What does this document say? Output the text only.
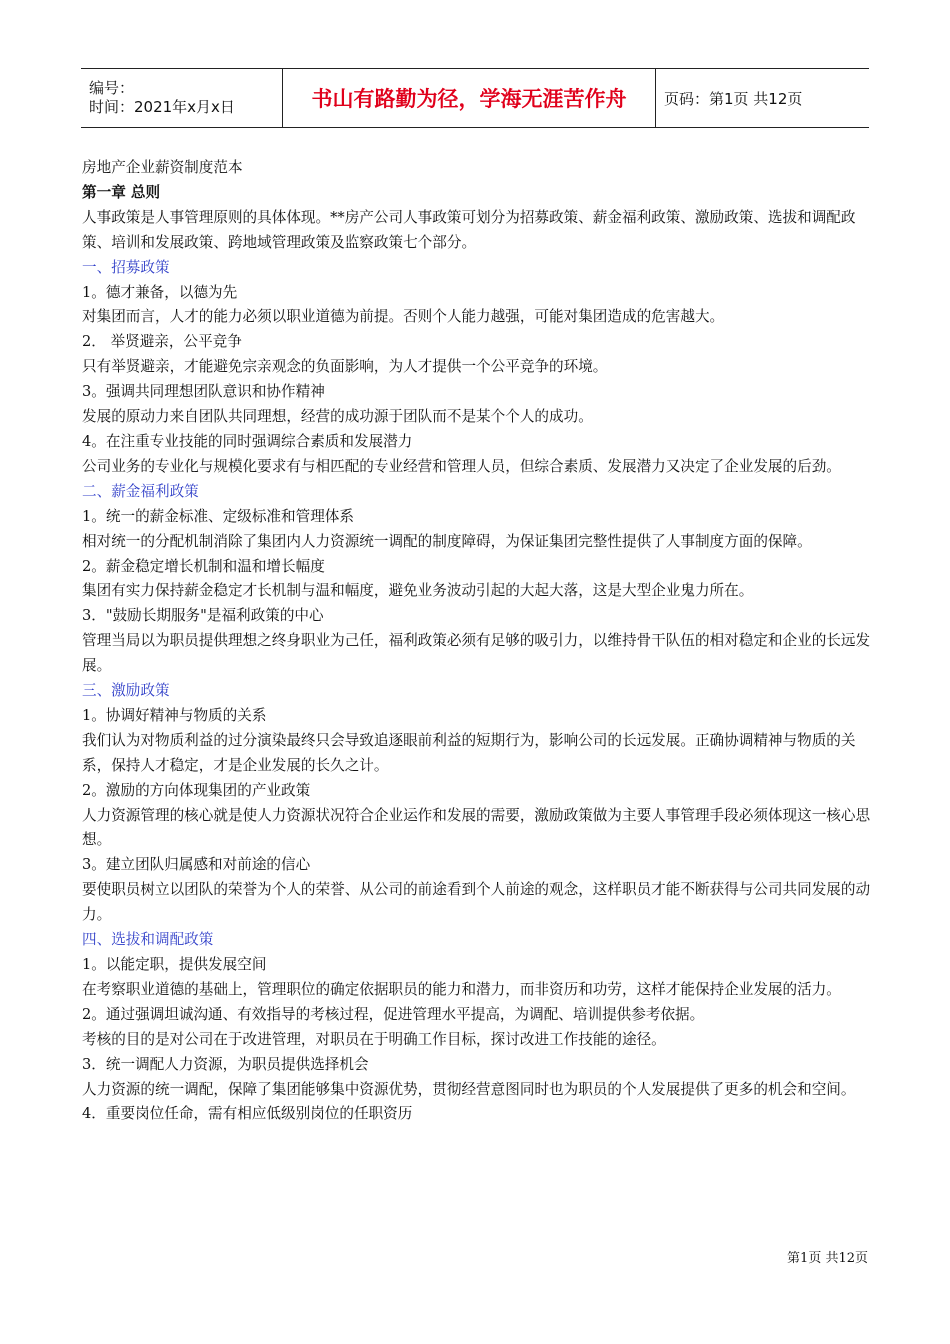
编号：
时间：2021年x月x日	书山有路勤为径，学海无涯苦作舟	页码：第1页 共12页

房地产企业薪资制度范本

第一章 总则

人事政策是人事管理原则的具体体现。**房产公司人事政策可划分为招募政策、薪金福利政策、激励政策、选拔和调配政策、培训和发展政策、跨地域管理政策及监察政策七个部分。

一、招募政策

1。德才兼备，以德为先

对集团而言，人才的能力必须以职业道德为前提。否则个人能力越强，可能对集团造成的危害越大。

2． 举贤避亲，公平竞争

只有举贤避亲，才能避免宗亲观念的负面影响，为人才提供一个公平竞争的环境。

3。强调共同理想团队意识和协作精神

发展的原动力来自团队共同理想，经营的成功源于团队而不是某个个人的成功。

4。在注重专业技能的同时强调综合素质和发展潜力

公司业务的专业化与规模化要求有与相匹配的专业经营和管理人员，但综合素质、发展潜力又决定了企业发展的后劲。

二、薪金福利政策

1。统一的薪金标准、定级标准和管理体系

相对统一的分配机制消除了集团内人力资源统一调配的制度障碍，为保证集团完整性提供了人事制度方面的保障。

2。薪金稳定增长机制和温和增长幅度

集团有实力保持薪金稳定才长机制与温和幅度，避免业务波动引起的大起大落，这是大型企业鬼力所在。

3．"鼓励长期服务"是福利政策的中心

管理当局以为职员提供理想之终身职业为己任，福利政策必须有足够的吸引力，以维持骨干队伍的相对稳定和企业的长远发展。

三、激励政策

1。协调好精神与物质的关系

我们认为对物质利益的过分演染最终只会导致追逐眼前利益的短期行为，影响公司的长远发展。正确协调精神与物质的关系，保持人才稳定，才是企业发展的长久之计。

2。激励的方向体现集团的产业政策

人力资源管理的核心就是使人力资源状况符合企业运作和发展的需要，激励政策做为主要人事管理手段必须体现这一核心思想。

3。建立团队归属感和对前途的信心

要使职员树立以团队的荣誉为个人的荣誉、从公司的前途看到个人前途的观念，这样职员才能不断获得与公司共同发展的动力。

四、选拔和调配政策

1。以能定职，提供发展空间

在考察职业道德的基础上，管理职位的确定依据职员的能力和潜力，而非资历和功劳，这样才能保持企业发展的活力。

2。通过强调坦诚沟通、有效指导的考核过程，促进管理水平提高，为调配、培训提供参考依据。

考核的目的是对公司在于改进管理，对职员在于明确工作目标，探讨改进工作技能的途径。

3．统一调配人力资源，为职员提供选择机会

人力资源的统一调配，保障了集团能够集中资源优势，贯彻经营意图同时也为职员的个人发展提供了更多的机会和空间。

4．重要岗位任命，需有相应低级别岗位的任职资历

第1页 共12页
